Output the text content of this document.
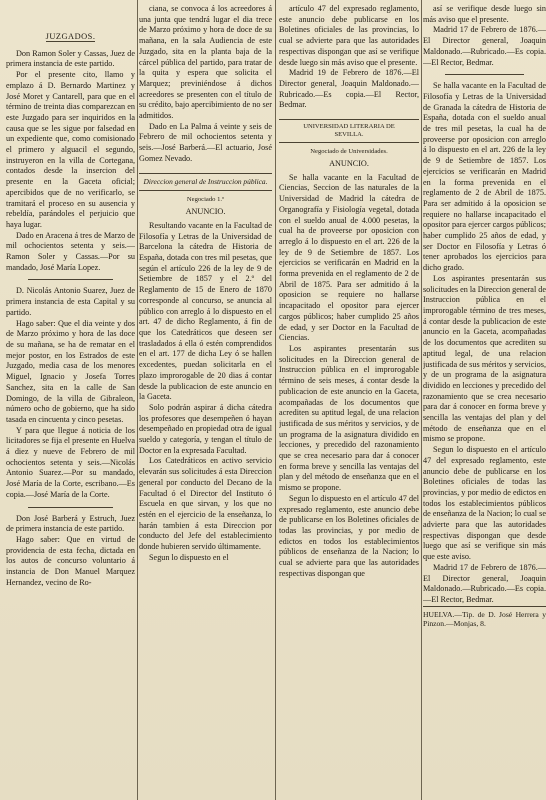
JUZGADOS.

Don Ramon Soler y Cassas, Juez de primera instancia de este partido.

Por el presente cito, llamo y emplazo á D. Bernardo Martinez y José Moret y Cantarell, para que en el término de treinta dias comparezcan en este Juzgado para ser inquiridos en la causa que se les sigue por falsedad en un expediente que, como comisionado el primero y alguacil el segundo, instruyeron en la villa de Cortegana, contados desde la insercion del presente en la Gaceta oficial; apercibidos que de no verificarlo, se tramitará el proceso en su ausencia y rebeldía, parándoles el perjuicio que haya lugar.

Dado en Aracena á tres de Marzo de mil ochocientos setenta y seis.—Ramon Soler y Cassas.—Por su mandado, José María Lopez.

D. Nicolás Antonio Suarez, Juez de primera instancia de esta Capital y su partido.

Hago saber: Que el dia veinte y dos de Marzo próximo y hora de las doce de su mañana, se ha de rematar en el mejor postor, en los Estrados de este Juzgado, media casa de los menores Miguel, Ignacio y Josefa Torres Sanchez, sita en la calle de San Domingo, de la villa de Gibraleon, número ocho de gobierno, que ha sido tasada en cincuenta y cinco pesetas.

Y para que llegue á noticia de los licitadores se fija el presente en Huelva á diez y nueve de Febrero de mil ochocientos setenta y seis.—Nicolás Antonio Suarez.—Por su mandado, José María de la Corte, escribano.—Es copia.—José María de la Corte.

Don José Barberá y Estruch, Juez de primera instancia de este partido.

Hago saber: Que en virtud de providencia de esta fecha, dictada en los autos de concurso voluntario á instancia de Don Manuel Marquez Hernandez, vecino de Ro-

ciana, se convoca á los acreedores á una junta que tendrá lugar el dia trece de Marzo próximo y hora de doce de su mañana, en la sala Audiencia de este Juzgado, sita en la planta baja de la cárcel pública del partido, para tratar de la quita y espera que solicita el Marquez; previniéndose á dichos acreedores se presenten con el título de su crédito, bajo apercibimiento de no ser admitidos.

Dado en La Palma á veinte y seis de Febrero de mil ochocientos setenta y seis.—José Barberá.—El actuario, José Gomez Nevado.

Direccion general de Instruccion pública.

Negociado 1.º

ANUNCIO.

Resultando vacante en la Facultad de Filosofía y Letras de la Universidad de Barcelona la cátedra de Historia de España, dotada con tres mil pesetas, que según el artículo 226 de la ley de 9 de Setiembre de 1857 y el 2.º del Reglamento de 15 de Enero de 1870 corresponde al concurso, se anuncia al público con arreglo á lo dispuesto en el art. 47 de dicho Reglamento, á fin de que los Catedráticos que deseen ser trasladados á ella ó estén comprendidos en el art. 177 de dicha Ley ó se hallen excedentes, puedan solicitarla en el plazo improrogable de 20 dias á contar desde la publicacion de este anuncio en la Gaceta.

Solo podrán aspirar á dicha cátedra los profesores que desempeñen ó hayan desempeñado en propiedad otra de igual sueldo y categoría, y tengan el título de Doctor en la expresada Facultad.

Los Catedráticos en activo servicio elevarán sus solicitudes á esta Direccion general por conducto del Decano de la Facultad ó el Director del Instituto ó Escuela en que sirvan, y los que no estén en el ejercicio de la enseñanza, lo harán tambien á esta Direccion por conducto del Jefe del establecimiento donde hubieren servido últimamente.

Segun lo dispuesto en el

artículo 47 del expresado reglamento, este anuncio debe publicarse en los Boletines oficiales de las provincias, lo cual se advierte para que las autoridades respectivas dispongan que así se verifique desde luego sin más aviso que el presente.

Madrid 19 de Febrero de 1876.—El Director general, Joaquin Maldonado.—Rubricado.—Es copia.—El Rector, Bedmar.

UNIVERSIDAD LITERARIA DE

SEVILLA.

Negociado de Universidades.

ANUNCIO.

Se halla vacante en la Facultad de Ciencias, Seccion de las naturales de la Universidad de Madrid la cátedra de Organografía y Fisiología vegetal, dotada con el sueldo anual de 4.000 pesetas, la cual ha de proveerse por oposicion con arreglo á lo dispuesto en el art. 226 de la ley de 9 de Setiembre de 1857. Los ejercicios se verificarán en Madrid en la forma prevenida en el reglamento de 2 de Abril de 1875. Para ser admitido á la oposicion se requiere no hallarse incapacitado el opositor para ejercer cargos públicos; haber cumplido 25 años de edad, y ser Doctor en la Facultad de Ciencias.

Los aspirantes presentarán sus solicitudes en la Direccion general de Instruccion pública en el improrogable término de seis meses, á contar desde la publicacion de este anuncio en la Gaceta, acompañadas de los documentos que acrediten su aptitud legal, de una relacion justificada de sus méritos y servicios, y de un programa de la asignatura dividido en lecciones, y precedido del razonamiento que se crea necesario para dar á conocer en forma breve y sencilla las ventajas del plan y del método de enseñanza que en el mismo se propone.

Segun lo dispuesto en el artículo 47 del expresado reglamento, este anuncio debe de publicarse en los Boletines oficiales de todas las provincias, y por medio de edictos en todos los establecimientos públicos de enseñanza de la Nacion; lo cual se advierte para que las autoridades respectivas dispongan que

así se verifique desde luego sin más aviso que el presente.

Madrid 17 de Febrero de 1876.—El Director general, Joaquin Maldonado.—Rubricado.—Es copia.—El Rector, Bedmar.

Se halla vacante en la Facultad de Filosofía y Letras de la Universidad de Granada la cátedra de Historia de España, dotada con el sueldo anual de tres mil pesetas, la cual ha de proveerse por oposicion con arreglo á lo dispuesto en el art. 226 de la ley de 9 de Setiembre de 1857. Los ejercicios se verificarán en Madrid en la forma prevenida en el reglamento de 2 de Abril de 1875. Para ser admitido á la oposicion se requiere no hallarse incapacitado el opositor para ejercer cargos públicos; haber cumplido 25 años de edad, y ser Doctor en Filosofía y Letras ó tener aprobados los ejercicios para dicho grado.

Los aspirantes presentarán sus solicitudes en la Direccion general de Instruccion pública en el improrogable término de tres meses, á contar desde la publicacion de este anuncio en la Gaceta, acompañadas de los documentos que acrediten su aptitud legal, de una relacion justificada de sus méritos y servicios, y de un programa de la asignatura dividido en lecciones y precedido del razonamiento que se crea necesario para dar á conocer en forma breve y sencilla las ventajas del plan y del método de enseñanza que en el mismo se propone.

Segun lo dispuesto en el artículo 47 del expresado reglamento, este anuncio debe de publicarse en los Boletines oficiales de todas las provincias, y por medio de edictos en todos los establecimientos públicos de enseñanza de la Nacion; lo cual se advierte para que las autoridades respectivas dispongan que desde luego que así se verifique sin más que este aviso.

Madrid 17 de Febrero de 1876.—El Director general, Joaquin Maldonado.—Rubricado.—Es copia.—El Rector, Bedmar.

HUELVA.—Tip. de D. José Herrera y Pinzon.—Monjas, 8.
